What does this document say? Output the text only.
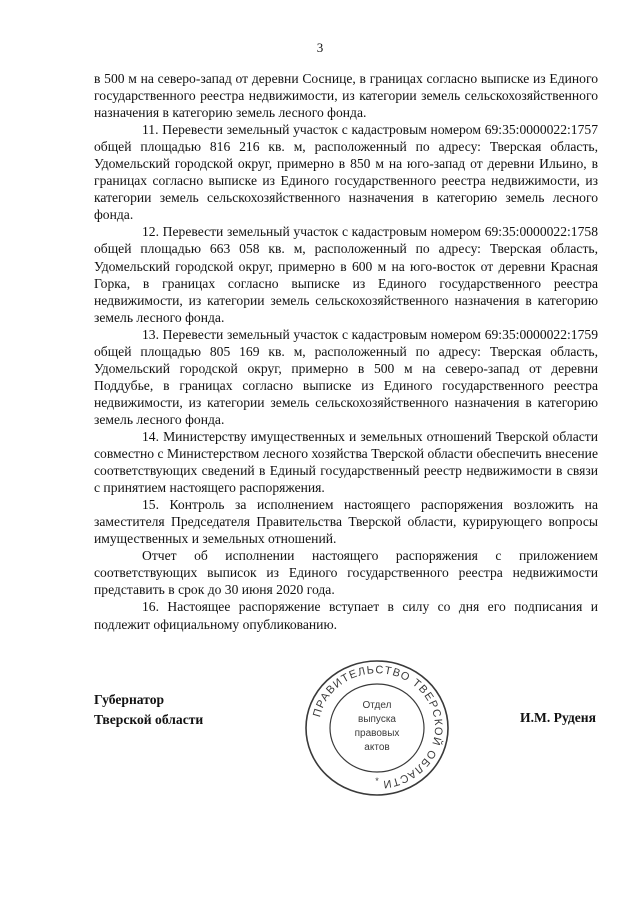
3

в 500 м на северо-запад от деревни Соснице, в границах согласно выписке из Единого государственного реестра недвижимости, из категории земель сельскохозяйственного назначения в категорию земель лесного фонда.

11. Перевести земельный участок с кадастровым номером 69:35:0000022:1757 общей площадью 816 216 кв. м, расположенный по адресу: Тверская область, Удомельский городской округ, примерно в 850 м на юго-запад от деревни Ильино, в границах согласно выписке из Единого государственного реестра недвижимости, из категории земель сельскохозяйственного назначения в категорию земель лесного фонда.

12. Перевести земельный участок с кадастровым номером 69:35:0000022:1758 общей площадью 663 058 кв. м, расположенный по адресу: Тверская область, Удомельский городской округ, примерно в 600 м на юго-восток от деревни Красная Горка, в границах согласно выписке из Единого государственного реестра недвижимости, из категории земель сельскохозяйственного назначения в категорию земель лесного фонда.

13. Перевести земельный участок с кадастровым номером 69:35:0000022:1759 общей площадью 805 169 кв. м, расположенный по адресу: Тверская область, Удомельский городской округ, примерно в 500 м на северо-запад от деревни Поддубье, в границах согласно выписке из Единого государственного реестра недвижимости, из категории земель сельскохозяйственного назначения в категорию земель лесного фонда.

14. Министерству имущественных и земельных отношений Тверской области совместно с Министерством лесного хозяйства Тверской области обеспечить внесение соответствующих сведений в Единый государственный реестр недвижимости в связи с принятием настоящего распоряжения.

15. Контроль за исполнением настоящего распоряжения возложить на заместителя Председателя Правительства Тверской области, курирующего вопросы имущественных и земельных отношений.

Отчет об исполнении настоящего распоряжения с приложением соответствующих выписок из Единого государственного реестра недвижимости представить в срок до 30 июня 2020 года.

16. Настоящее распоряжение вступает в силу со дня его подписания и подлежит официальному опубликованию.

Губернатор
Тверской области	И.М. Руденя
ПРАВИТЕЛЬСТВО ТВЕРСКОЙ ОБЛАСТИ
Отдел
выпуска
правовых
актов
*
